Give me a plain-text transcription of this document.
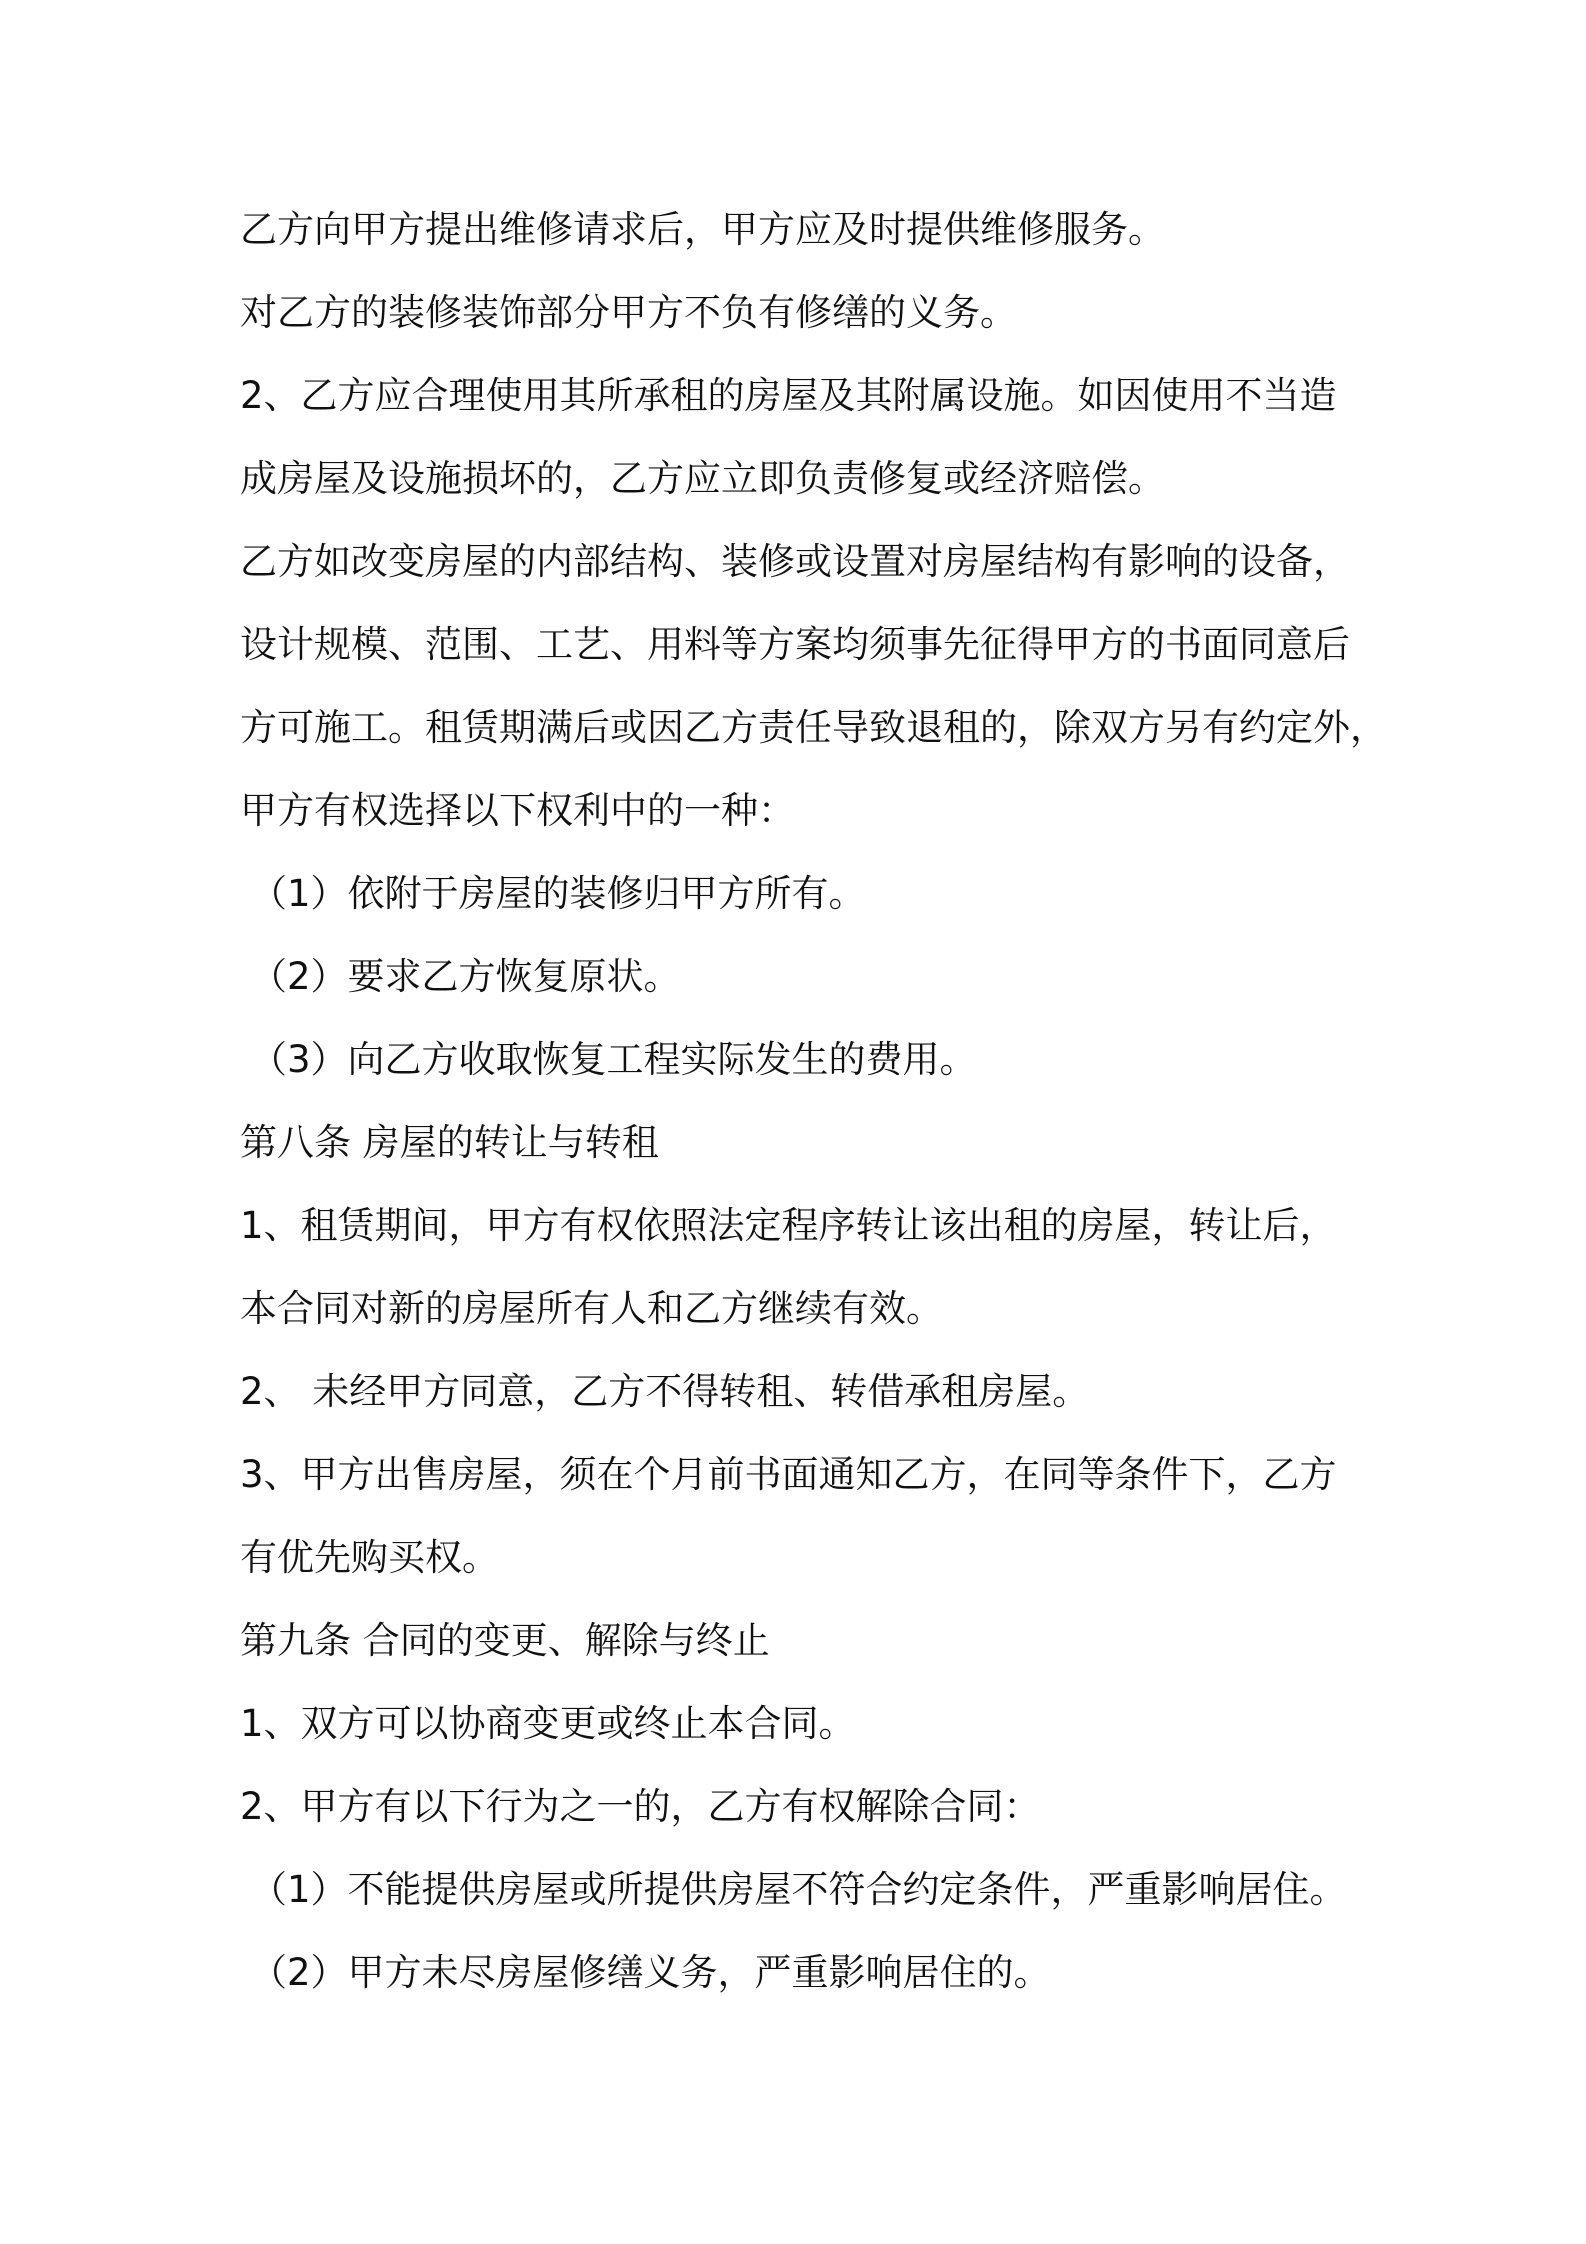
乙方向甲方提出维修请求后，甲方应及时提供维修服务。
对乙方的装修装饰部分甲方不负有修缮的义务。
2、乙方应合理使用其所承租的房屋及其附属设施。如因使用不当造
成房屋及设施损坏的，乙方应立即负责修复或经济赔偿。
乙方如改变房屋的内部结构、装修或设置对房屋结构有影响的设备，
设计规模、范围、工艺、用料等方案均须事先征得甲方的书面同意后
方可施工。租赁期满后或因乙方责任导致退租的，除双方另有约定外，
甲方有权选择以下权利中的一种：
（1）依附于房屋的装修归甲方所有。
（2）要求乙方恢复原状。
（3）向乙方收取恢复工程实际发生的费用。
第八条 房屋的转让与转租
1、租赁期间，甲方有权依照法定程序转让该出租的房屋，转让后，
本合同对新的房屋所有人和乙方继续有效。
2、 未经甲方同意，乙方不得转租、转借承租房屋。
3、甲方出售房屋，须在个月前书面通知乙方，在同等条件下，乙方
有优先购买权。
第九条 合同的变更、解除与终止
1、双方可以协商变更或终止本合同。
2、甲方有以下行为之一的，乙方有权解除合同：
（1）不能提供房屋或所提供房屋不符合约定条件，严重影响居住。
（2）甲方未尽房屋修缮义务，严重影响居住的。
